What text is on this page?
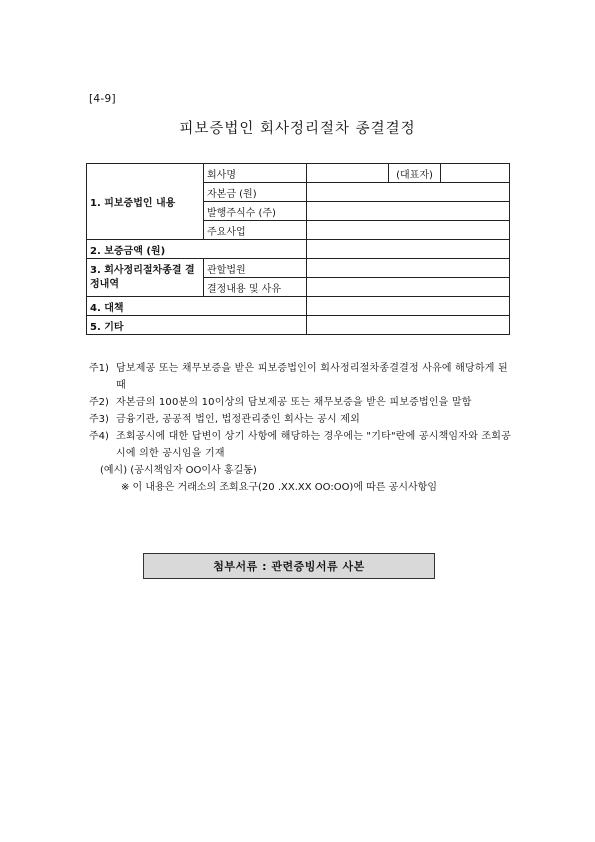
[4-9]
피보증법인 회사정리절차 종결결정
1. 피보증법인 내용	회사명		(대표자)	
	자본금 (원)			
	발행주식수 (주)			
	주요사업			
2. 보증금액 (원)				
3. 회사정리절차종결 결정내역	관할법원			
	결정내용 및 사유			
4. 대책				
5. 기타				
주1) 담보제공 또는 채무보증을 받은 피보증법인이 회사정리절차종결결정 사유에 해당하게 된 때
주2) 자본금의 100분의 10이상의 담보제공 또는 채무보증을 받은 피보증법인을 말함
주3) 금융기관, 공공적 법인, 법정관리중인 회사는 공시 제외
주4) 조회공시에 대한 답변이 상기 사항에 해당하는 경우에는 "기타"란에 공시책임자와 조회공시에 의한 공시임을 기재
(예시) (공시책임자 OO이사 홍길동)
※ 이 내용은 거래소의 조회요구(20 .XX.XX OO:OO)에 따른 공시사항임
첨부서류 : 관련증빙서류 사본
